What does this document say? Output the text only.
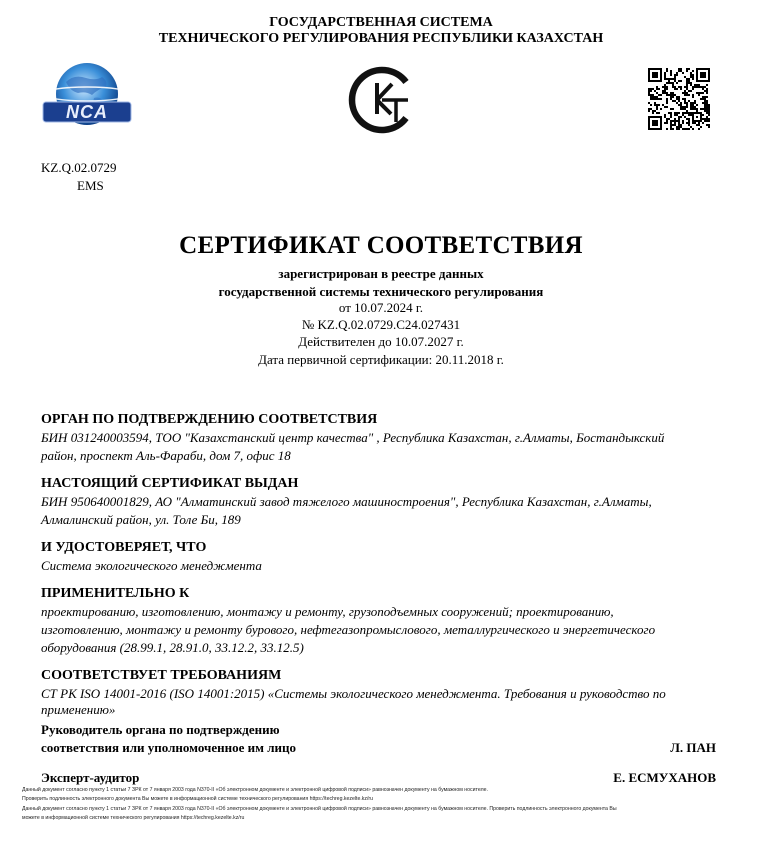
ГОСУДАРСТВЕННАЯ СИСТЕМА
ТЕХНИЧЕСКОГО РЕГУЛИРОВАНИЯ РЕСПУБЛИКИ КАЗАХСТАН
NCA
KZ.Q.02.0729
EMS
СЕРТИФИКАТ СООТВЕТСТВИЯ
зарегистрирован в реестре данных
государственной системы технического регулирования
от 10.07.2024 г.
№ KZ.Q.02.0729.C24.027431
Действителен до 10.07.2027 г.
Дата первичной сертификации: 20.11.2018 г.
ОРГАН ПО ПОДТВЕРЖДЕНИЮ СООТВЕТСТВИЯ
БИН 031240003594, ТОО "Казахстанский центр качества" , Республика Казахстан, г.Алматы, Бостандыкский
район, проспект Аль-Фараби, дом 7, офис 18
НАСТОЯЩИЙ СЕРТИФИКАТ ВЫДАН
БИН 950640001829, АО "Алматинский завод тяжелого машиностроения", Республика Казахстан, г.Алматы,
Алмалинский район, ул. Толе Би, 189
И УДОСТОВЕРЯЕТ, ЧТО
Система экологического менеджмента
ПРИМЕНИТЕЛЬНО К
проектированию, изготовлению, монтажу и ремонту, грузоподъемных сооружений; проектированию,
изготовлению, монтажу и ремонту бурового, нефтегазопромыслового, металлургического и энергетического
оборудования (28.99.1, 28.91.0, 33.12.2, 33.12.5)
СООТВЕТСТВУЕТ ТРЕБОВАНИЯМ
СТ РК ISO 14001-2016 (ISO 14001:2015) «Системы экологического менеджмента. Требования и руководство по
применению»
Руководитель органа по подтверждению
соответствия или уполномоченное им лицо	Л. ПАН
Эксперт-аудитор	Е. ЕСМУХАНОВ
Данный документ согласно пункту 1 статьи 7 ЗРК от 7 января 2003 года N370-II «Об электронном документе и электронной цифровой подписи» равнозначен документу на бумажном носителе.
Проверить подлинность электронного документа Вы можете в информационной системе технического регулирования https://techreg.kezelte.kz/ru
Данный документ согласно пункту 1 статьи 7 ЗРК от 7 января 2003 года N370-II «Об электронном документе и электронной цифровой подписи» равнозначен документу на бумажном носителе. Проверить подлинность электронного документа Вы
можете в информационной системе технического регулирования https://techreg.kezelte.kz/ru
